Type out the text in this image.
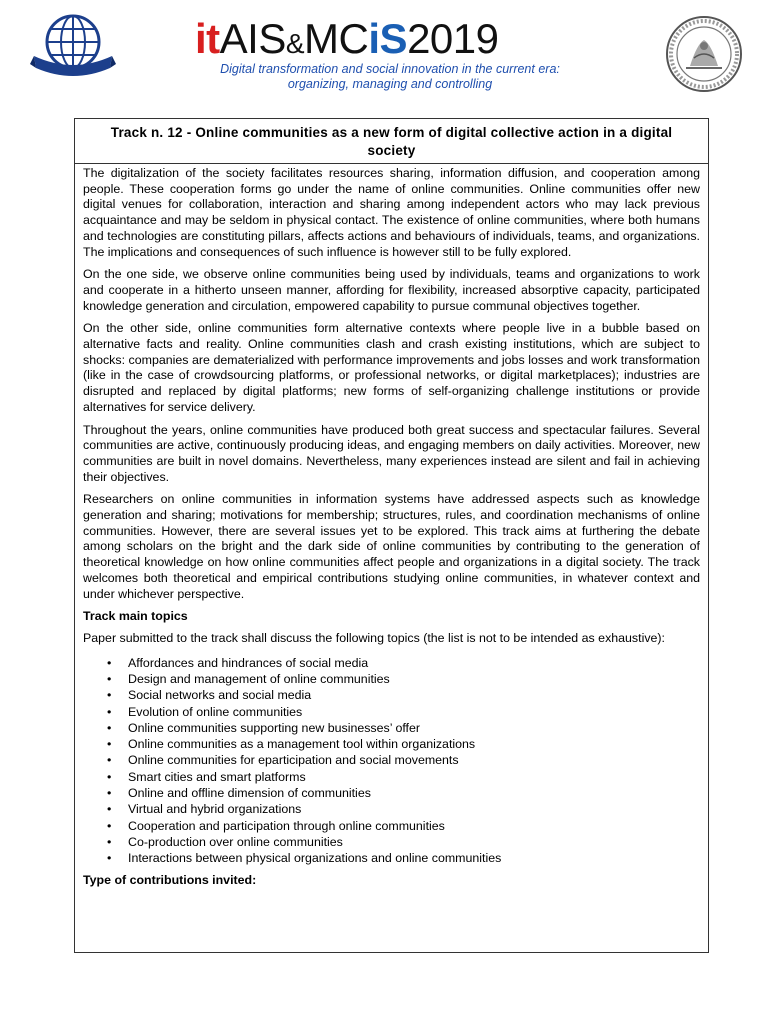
itAIS&MCiS2019
Digital transformation and social innovation in the current era:
organizing, managing and controlling
Track n. 12 - Online communities as a new form of digital collective action in a digital society

The digitalization of the society facilitates resources sharing, information diffusion, and cooperation among people. These cooperation forms go under the name of online communities. Online communities offer new digital venues for collaboration, interaction and sharing among independent actors who may lack previous acquaintance and may be seldom in physical contact. The existence of online communities, where both humans and technologies are constituting pillars, affects actions and behaviours of individuals, teams, and organizations. The implications and consequences of such influence is however still to be fully explored.

On the one side, we observe online communities being used by individuals, teams and organizations to work and cooperate in a hitherto unseen manner, affording for flexibility, increased absorptive capacity, participated knowledge generation and circulation, empowered capability to pursue communal objectives together.

On the other side, online communities form alternative contexts where people live in a bubble based on alternative facts and reality. Online communities clash and crash existing institutions, which are subject to shocks: companies are dematerialized with performance improvements and jobs losses and work transformation (like in the case of crowdsourcing platforms, or professional networks, or digital marketplaces); industries are disrupted and replaced by digital platforms; new forms of self-organizing challenge institutions or provide alternatives for service delivery.

Throughout the years, online communities have produced both great success and spectacular failures. Several communities are active, continuously producing ideas, and engaging members on daily activities. Moreover, new communities are built in novel domains. Nevertheless, many experiences instead are silent and fail in achieving their objectives.

Researchers on online communities in information systems have addressed aspects such as knowledge generation and sharing; motivations for membership; structures, rules, and coordination mechanisms of online communities. However, there are several issues yet to be explored. This track aims at furthering the debate among scholars on the bright and the dark side of online communities by contributing to the generation of theoretical knowledge on how online communities affect people and organizations in a digital society. The track welcomes both theoretical and empirical contributions studying online communities, in whatever context and under whichever perspective.

Track main topics

Paper submitted to the track shall discuss the following topics (the list is not to be intended as exhaustive):

• Affordances and hindrances of social media
• Design and management of online communities
• Social networks and social media
• Evolution of online communities
• Online communities supporting new businesses’ offer
• Online communities as a management tool within organizations
• Online communities for eparticipation and social movements
• Smart cities and smart platforms
• Online and offline dimension of communities
• Virtual and hybrid organizations
• Cooperation and participation through online communities
• Co-production over online communities
• Interactions between physical organizations and online communities
Type of contributions invited:
